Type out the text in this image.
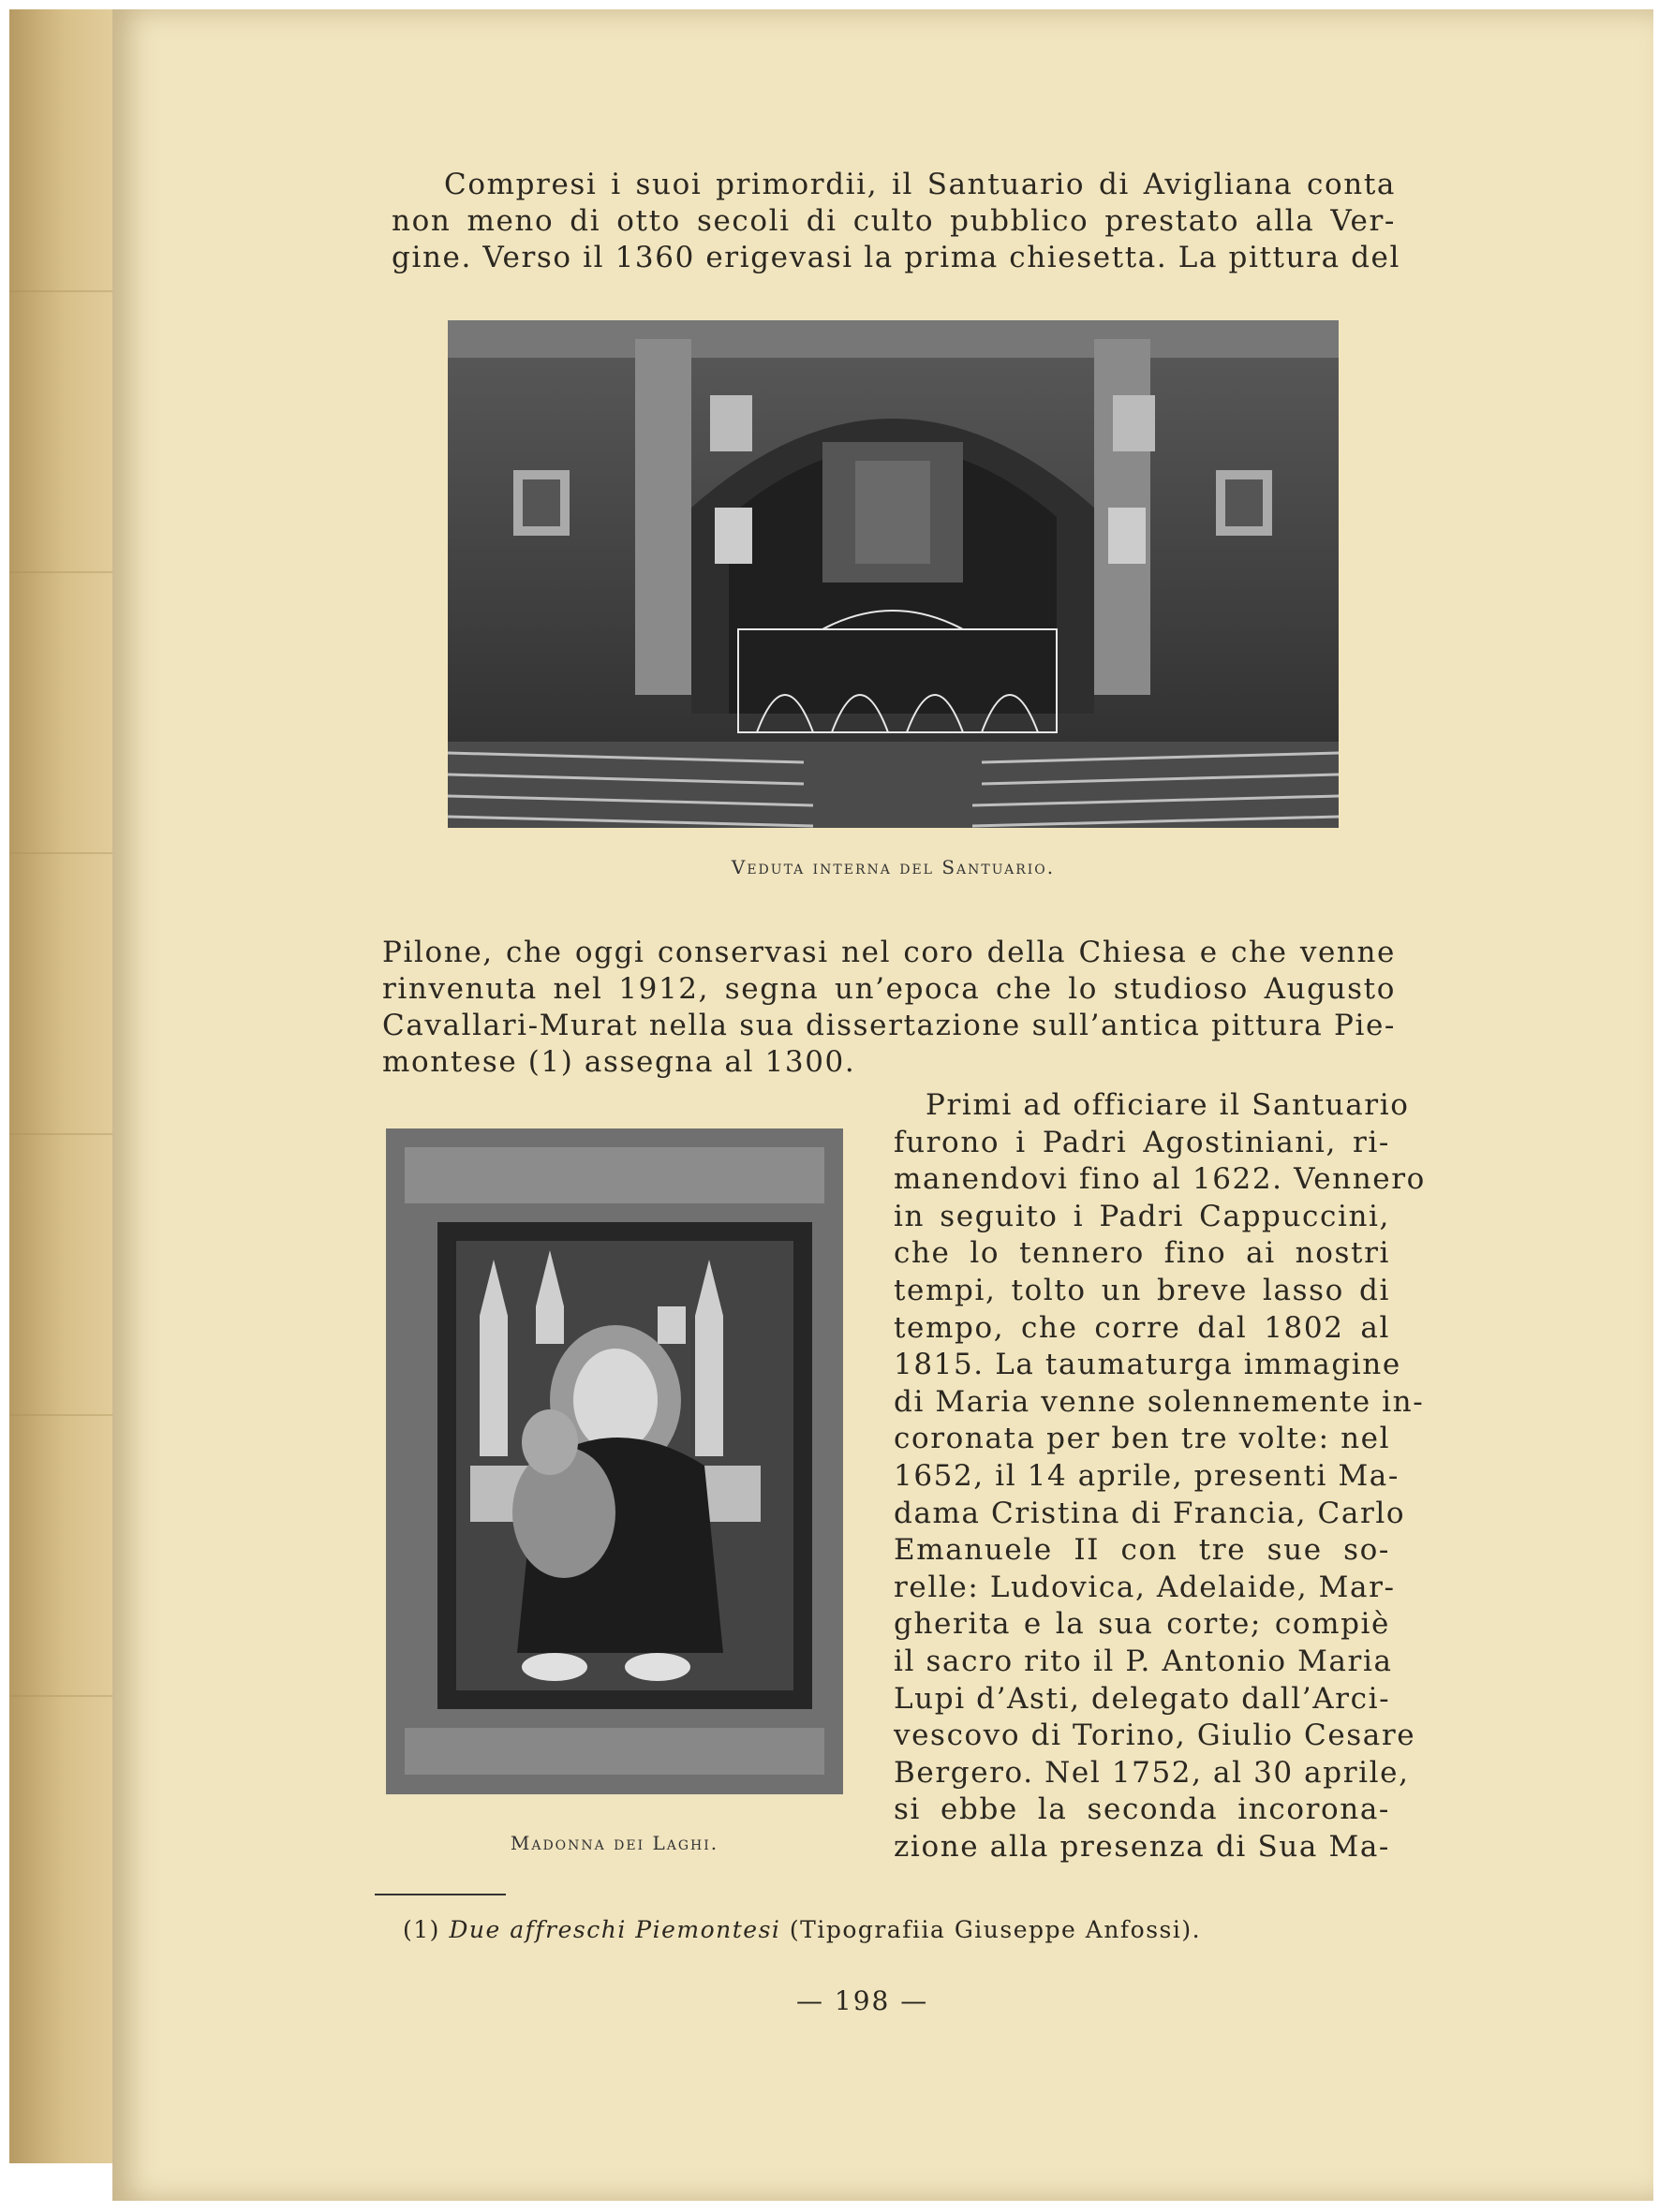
Compresi i suoi primordii, il Santuario di Avigliana conta
non meno di otto secoli di culto pubblico prestato alla Ver-
gine. Verso il 1360 erigevasi la prima chiesetta. La pittura del
Veduta interna del Santuario.
Pilone, che oggi conservasi nel coro della Chiesa e che venne
rinvenuta nel 1912, segna un’epoca che lo studioso Augusto
Cavallari-Murat nella sua dissertazione sull’antica pittura Pie-
montese (1) assegna al 1300.
Madonna dei Laghi.
Primi ad officiare il Santuario
furono i Padri Agostiniani, ri-
manendovi fino al 1622. Vennero
in seguito i Padri Cappuccini,
che lo tennero fino ai nostri
tempi, tolto un breve lasso di
tempo, che corre dal 1802 al
1815. La taumaturga immagine
di Maria venne solennemente in-
coronata per ben tre volte: nel
1652, il 14 aprile, presenti Ma-
dama Cristina di Francia, Carlo
Emanuele II con tre sue so-
relle: Ludovica, Adelaide, Mar-
gherita e la sua corte; compiè
il sacro rito il P. Antonio Maria
Lupi d’Asti, delegato dall’Arci-
vescovo di Torino, Giulio Cesare
Bergero. Nel 1752, al 30 aprile,
si ebbe la seconda incorona-
zione alla presenza di Sua Ma-
(1) Due affreschi Piemontesi (Tipografiia Giuseppe Anfossi).
— 198 —
